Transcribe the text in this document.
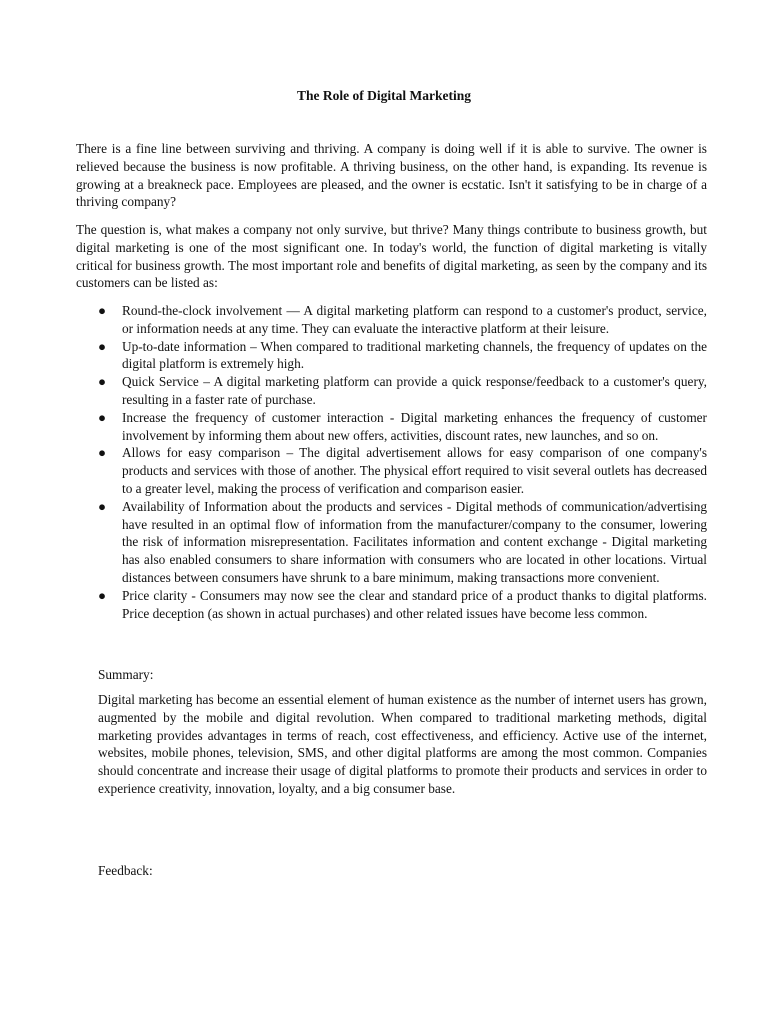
The Role of Digital Marketing

There is a fine line between surviving and thriving. A company is doing well if it is able to survive. The owner is relieved because the business is now profitable. A thriving business, on the other hand, is expanding. Its revenue is growing at a breakneck pace. Employees are pleased, and the owner is ecstatic. Isn't it satisfying to be in charge of a thriving company?

The question is, what makes a company not only survive, but thrive? Many things contribute to business growth, but digital marketing is one of the most significant one. In today's world, the function of digital marketing is vitally critical for business growth. The most important role and benefits of digital marketing, as seen by the company and its customers can be listed as:

● Round-the-clock involvement — A digital marketing platform can respond to a customer's product, service, or information needs at any time. They can evaluate the interactive platform at their leisure.
● Up-to-date information – When compared to traditional marketing channels, the frequency of updates on the digital platform is extremely high.
● Quick Service – A digital marketing platform can provide a quick response/feedback to a customer's query, resulting in a faster rate of purchase.
● Increase the frequency of customer interaction - Digital marketing enhances the frequency of customer involvement by informing them about new offers, activities, discount rates, new launches, and so on.
● Allows for easy comparison – The digital advertisement allows for easy comparison of one company's products and services with those of another. The physical effort required to visit several outlets has decreased to a greater level, making the process of verification and comparison easier.
● Availability of Information about the products and services - Digital methods of communication/advertising have resulted in an optimal flow of information from the manufacturer/company to the consumer, lowering the risk of information misrepresentation. Facilitates information and content exchange - Digital marketing has also enabled consumers to share information with consumers who are located in other locations. Virtual distances between consumers have shrunk to a bare minimum, making transactions more convenient.
● Price clarity - Consumers may now see the clear and standard price of a product thanks to digital platforms. Price deception (as shown in actual purchases) and other related issues have become less common.
Summary:

Digital marketing has become an essential element of human existence as the number of internet users has grown, augmented by the mobile and digital revolution. When compared to traditional marketing methods, digital marketing provides advantages in terms of reach, cost effectiveness, and efficiency. Active use of the internet, websites, mobile phones, television, SMS, and other digital platforms are among the most common. Companies should concentrate and increase their usage of digital platforms to promote their products and services in order to experience creativity, innovation, loyalty, and a big consumer base.

Feedback:
